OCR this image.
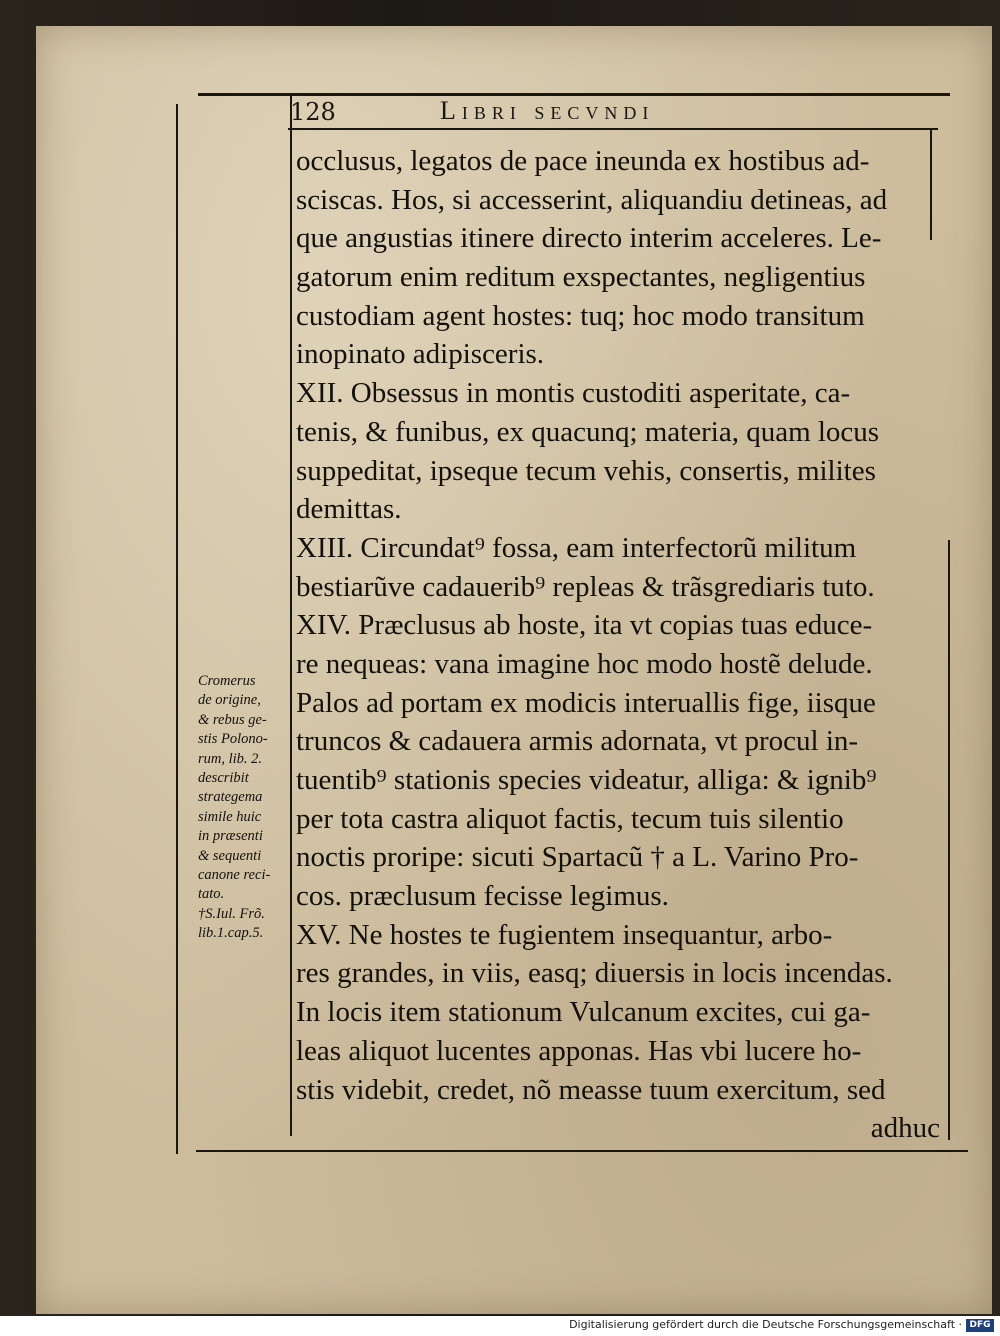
128	Libri secvndi
occlusus, legatos de pace ineunda ex hostibus ad-
sciscas. Hos, si accesserint, aliquandiu detineas, ad
que angustias itinere directo interim acceleres. Le-
gatorum enim reditum exspectantes, negligentius
custodiam agent hostes: tuq; hoc modo transitum
inopinato adipisceris.
XII. Obsessus in montis custoditi asperitate, ca-
tenis, & funibus, ex quacunq; materia, quam locus
suppeditat, ipseque tecum vehis, consertis, milites
demittas.
XIII. Circundat⁹ fossa, eam interfectorũ militum
bestiarũve cadauerib⁹ repleas & trãsgrediaris tuto.
XIV. Præclusus ab hoste, ita vt copias tuas educe-
re nequeas: vana imagine hoc modo hostẽ delude.
Palos ad portam ex modicis interuallis fige, iisque
truncos & cadauera armis adornata, vt procul in-
tuentib⁹ stationis species videatur, alliga: & ignib⁹
per tota castra aliquot factis, tecum tuis silentio
noctis proripe: sicuti Spartacũ † a L. Varino Pro-
cos. præclusum fecisse legimus.
XV. Ne hostes te fugientem insequantur, arbo-
res grandes, in viis, easq; diuersis in locis incendas.
In locis item stationum Vulcanum excites, cui ga-
leas aliquot lucentes apponas. Has vbi lucere ho-
stis videbit, credet, nõ measse tuum exercitum, sed
adhuc
Cromerus
de origine,
& rebus ge-
stis Polono-
rum, lib. 2.
describit
strategema
simile huic
in præsenti
& sequenti
canone reci-
tato.
†S.Iul. Frõ.
lib.1.cap.5.
Digitalisierung gefördert durch die Deutsche Forschungsgemeinschaft · DFG
